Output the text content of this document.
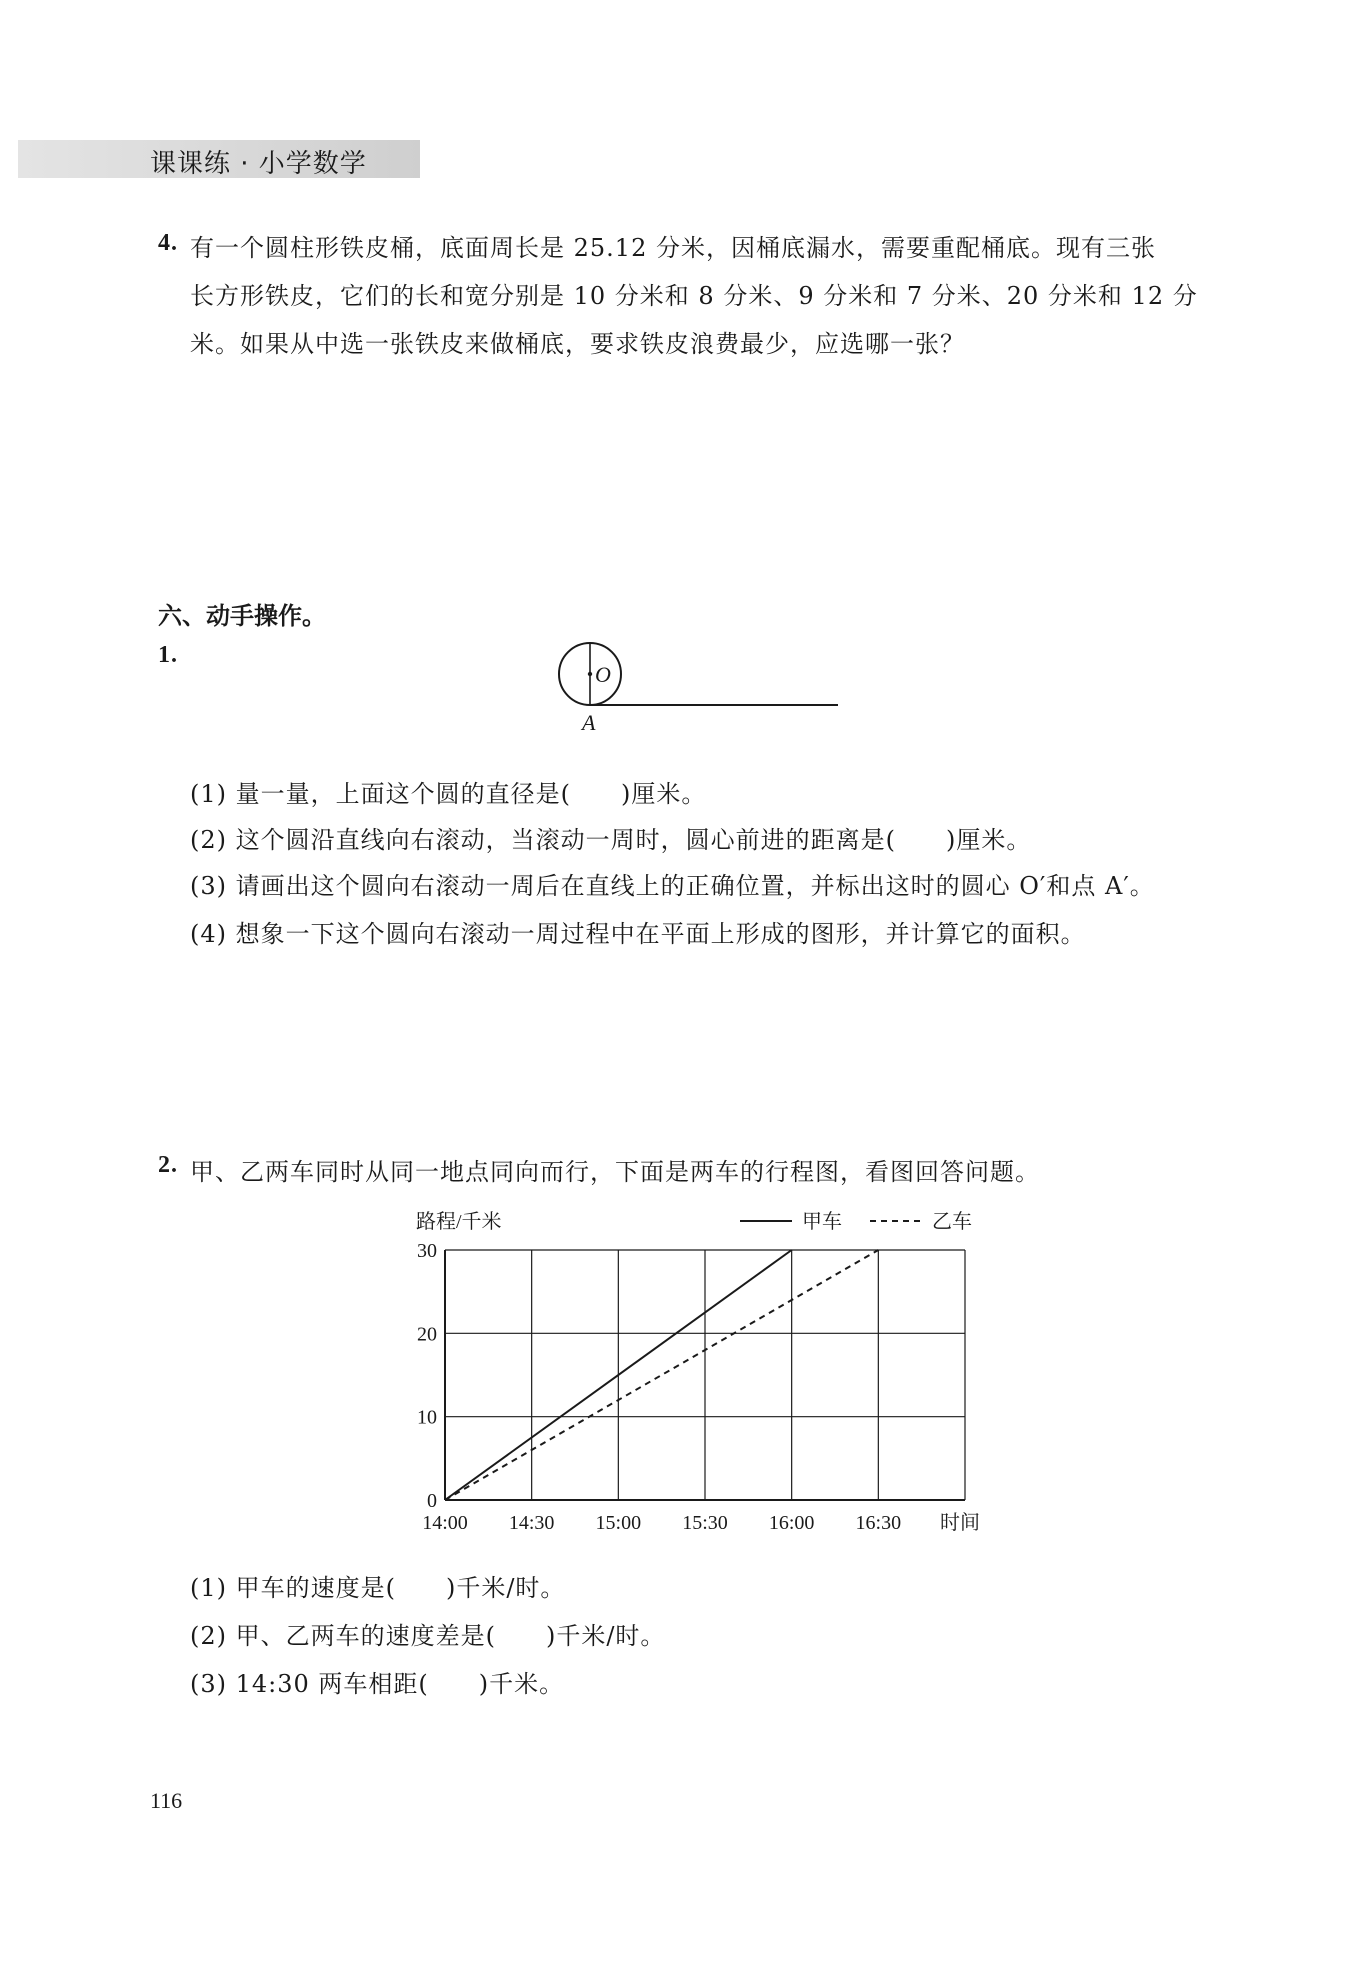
课课练 · 小学数学
4. 有一个圆柱形铁皮桶，底面周长是 25.12 分米，因桶底漏水，需要重配桶底。现有三张
长方形铁皮，它们的长和宽分别是 10 分米和 8 分米、9 分米和 7 分米、20 分米和 12 分
米。如果从中选一张铁皮来做桶底，要求铁皮浪费最少，应选哪一张？
六、动手操作。
1.
O
A
(1) 量一量，上面这个圆的直径是(　　)厘米。
(2) 这个圆沿直线向右滚动，当滚动一周时，圆心前进的距离是(　　)厘米。
(3) 请画出这个圆向右滚动一周后在直线上的正确位置，并标出这时的圆心 O′和点 A′。
(4) 想象一下这个圆向右滚动一周过程中在平面上形成的图形，并计算它的面积。
2. 甲、乙两车同时从同一地点同向而行，下面是两车的行程图，看图回答问题。
路程/千米
时间
0
10
20
30
14:00 14:30 15:00 15:30 16:00 16:30
甲车	乙车
(1) 甲车的速度是(　　)千米/时。
(2) 甲、乙两车的速度差是(　　)千米/时。
(3) 14:30 两车相距(　　)千米。
116
